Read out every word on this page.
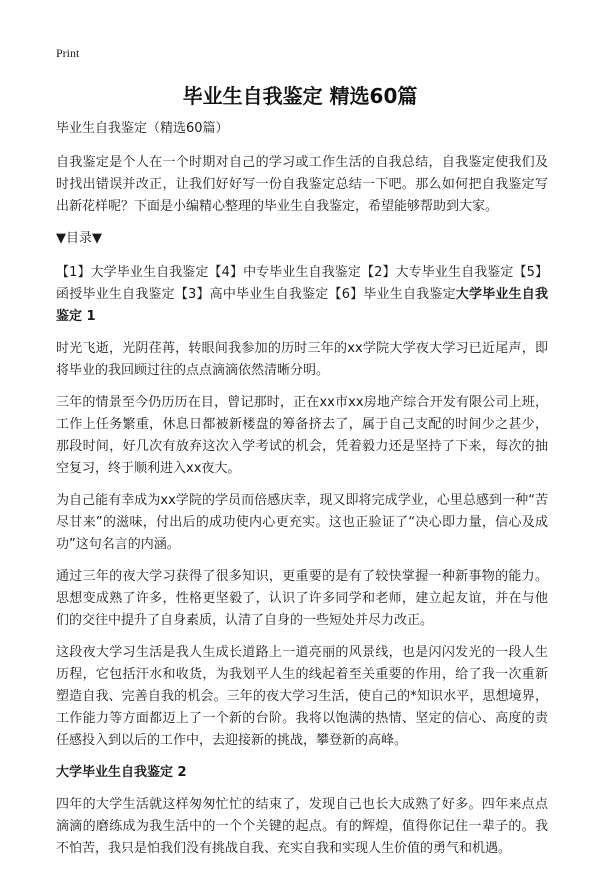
Print
毕业生自我鉴定 精选60篇

毕业生自我鉴定（精选60篇）

自我鉴定是个人在一个时期对自己的学习或工作生活的自我总结，自我鉴定使我们及时找出错误并改正，让我们好好写一份自我鉴定总结一下吧。那么如何把自我鉴定写出新花样呢？下面是小编精心整理的毕业生自我鉴定，希望能够帮助到大家。

▼目录▼

【1】大学毕业生自我鉴定【4】中专毕业生自我鉴定【2】大专毕业生自我鉴定【5】函授毕业生自我鉴定【3】高中毕业生自我鉴定【6】毕业生自我鉴定大学毕业生自我鉴定 1

时光飞逝，光阴荏苒，转眼间我参加的历时三年的xx学院大学夜大学习已近尾声，即将毕业的我回顾过往的点点滴滴依然清晰分明。

三年的情景至今仍历历在目，曾记那时，正在xx市xx房地产综合开发有限公司上班，工作上任务繁重，休息日都被新楼盘的筹备挤去了，属于自己支配的时间少之甚少，那段时间，好几次有放弃这次入学考试的机会，凭着毅力还是坚持了下来，每次的抽空复习，终于顺利进入xx夜大。

为自己能有幸成为xx学院的学员而倍感庆幸，现又即将完成学业，心里总感到一种“苦尽甘来”的滋味，付出后的成功使内心更充实。这也正验证了“决心即力量，信心及成功”这句名言的内涵。

通过三年的夜大学习获得了很多知识，更重要的是有了较快掌握一种新事物的能力。思想变成熟了许多，性格更坚毅了，认识了许多同学和老师，建立起友谊，并在与他们的交往中提升了自身素质，认清了自身的一些短处并尽力改正。

这段夜大学习生活是我人生成长道路上一道亮丽的风景线，也是闪闪发光的一段人生历程，它包括汗水和收货，为我划平人生的线起着至关重要的作用，给了我一次重新塑造自我、完善自我的机会。三年的夜大学习生活，使自己的*知识水平，思想境界，工作能力等方面都迈上了一个新的台阶。我将以饱满的热情、坚定的信心、高度的责任感投入到以后的工作中，去迎接新的挑战，攀登新的高峰。

大学毕业生自我鉴定 2

四年的大学生活就这样匆匆忙忙的结束了，发现自己也长大成熟了好多。四年来点点滴滴的磨练成为我生活中的一个个关键的起点。有的辉煌，值得你记住一辈子的。我不怕苦，我只是怕我们没有挑战自我、充实自我和实现人生价值的勇气和机遇。
